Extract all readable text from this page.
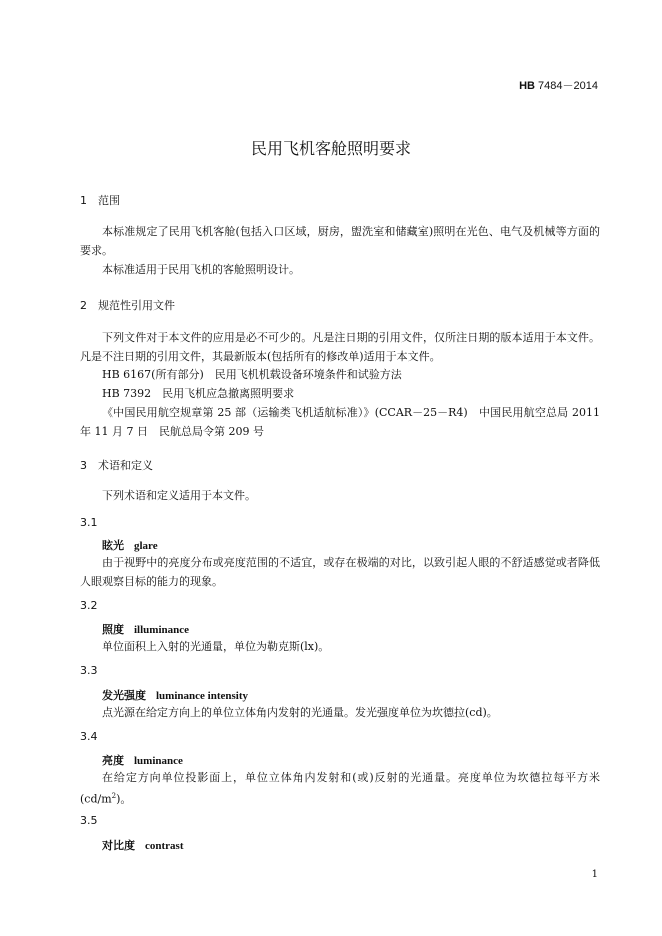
HB 7484－2014
民用飞机客舱照明要求
1 范围
本标准规定了民用飞机客舱(包括入口区域，厨房，盥洗室和储藏室)照明在光色、电气及机械等方面的要求。
本标准适用于民用飞机的客舱照明设计。
2 规范性引用文件
下列文件对于本文件的应用是必不可少的。凡是注日期的引用文件，仅所注日期的版本适用于本文件。凡是不注日期的引用文件，其最新版本(包括所有的修改单)适用于本文件。
HB 6167(所有部分)　民用飞机机载设备环境条件和试验方法
HB 7392　民用飞机应急撤离照明要求
《中国民用航空规章第 25 部（运输类飞机适航标准）》(CCAR－25－R4)　中国民用航空总局 2011 年 11 月 7 日　民航总局令第 209 号
3 术语和定义
下列术语和定义适用于本文件。
3.1
眩光 glare
由于视野中的亮度分布或亮度范围的不适宜，或存在极端的对比，以致引起人眼的不舒适感觉或者降低人眼观察目标的能力的现象。
3.2
照度 illuminance
单位面积上入射的光通量，单位为勒克斯(lx)。
3.3
发光强度 luminance intensity
点光源在给定方向上的单位立体角内发射的光通量。发光强度单位为坎德拉(cd)。
3.4
亮度 luminance
在给定方向单位投影面上，单位立体角内发射和(或)反射的光通量。亮度单位为坎德拉每平方米$(cd/m^2)$。
3.5
对比度 contrast
1
